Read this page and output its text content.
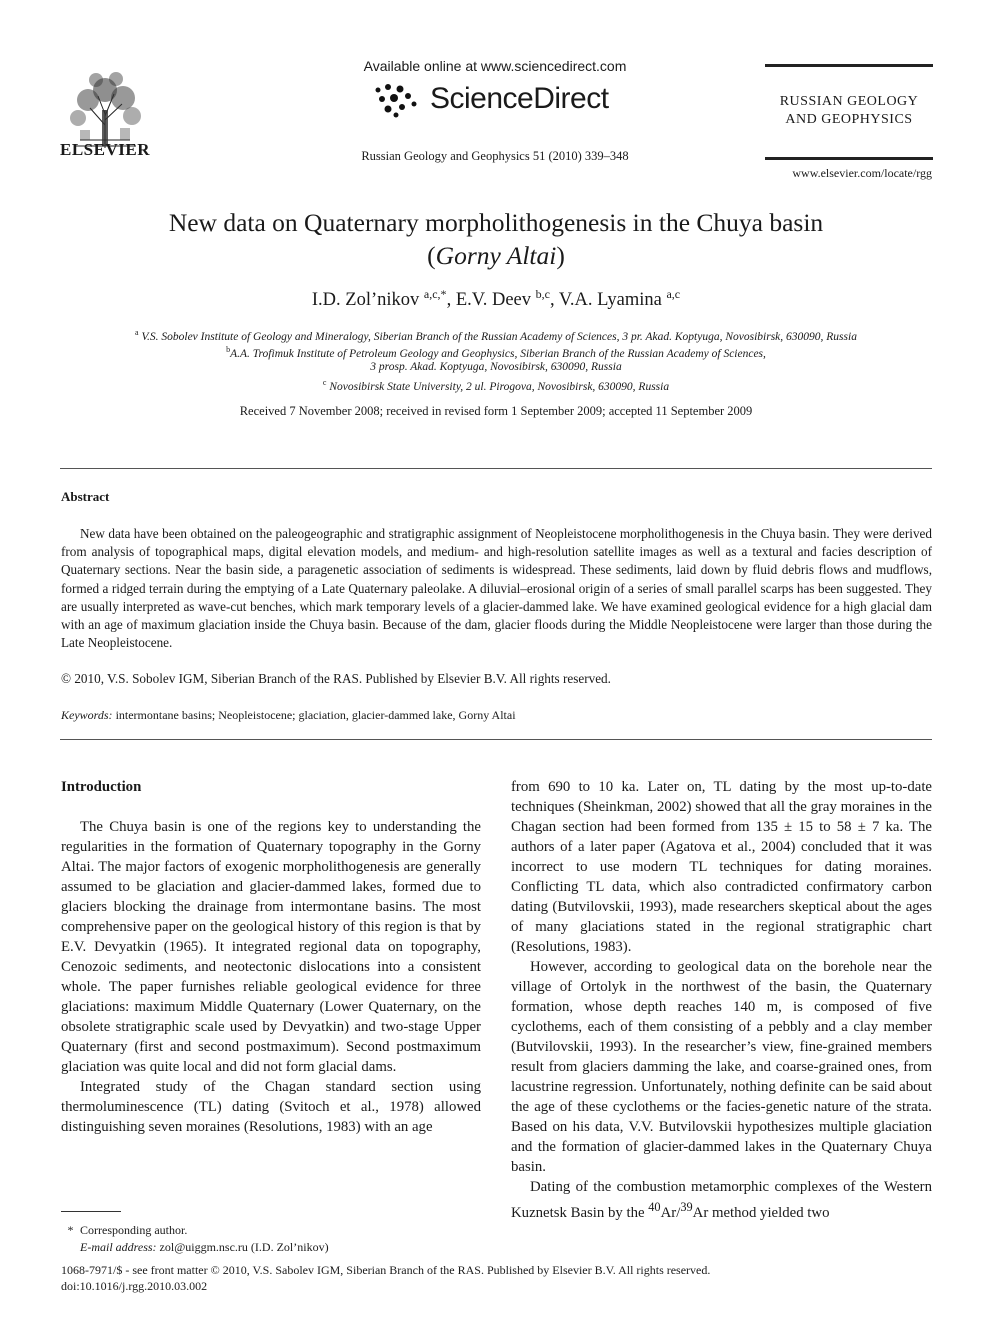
ELSEVIER
Available online at www.sciencedirect.com
ScienceDirect
Russian Geology and Geophysics 51 (2010) 339–348
RUSSIAN GEOLOGY
AND GEOPHYSICS
www.elsevier.com/locate/rgg
New data on Quaternary morpholithogenesis in the Chuya basin
(Gorny Altai)
I.D. Zol’nikov $^{a,c,*}$, E.V. Deev $^{b,c}$, V.A. Lyamina $^{a,c}$
$^a$ V.S. Sobolev Institute of Geology and Mineralogy, Siberian Branch of the Russian Academy of Sciences, 3 pr. Akad. Koptyuga, Novosibirsk, 630090, Russia
$^b$A.A. Trofimuk Institute of Petroleum Geology and Geophysics, Siberian Branch of the Russian Academy of Sciences,
3 prosp. Akad. Koptyuga, Novosibirsk, 630090, Russia
$^c$ Novosibirsk State University, 2 ul. Pirogova, Novosibirsk, 630090, Russia
Received 7 November 2008; received in revised form 1 September 2009; accepted 11 September 2009
Abstract
New data have been obtained on the paleogeographic and stratigraphic assignment of Neopleistocene morpholithogenesis in the Chuya basin. They were derived from analysis of topographical maps, digital elevation models, and medium- and high-resolution satellite images as well as a textural and facies description of Quaternary sections. Near the basin side, a paragenetic association of sediments is widespread. These sediments, laid down by fluid debris flows and mudflows, formed a ridged terrain during the emptying of a Late Quaternary paleolake. A diluvial–erosional origin of a series of small parallel scarps has been suggested. They are usually interpreted as wave-cut benches, which mark temporary levels of a glacier-dammed lake. We have examined geological evidence for a high glacial dam with an age of maximum glaciation inside the Chuya basin. Because of the dam, glacier floods during the Middle Neopleistocene were larger than those during the Late Neopleistocene.
© 2010, V.S. Sobolev IGM, Siberian Branch of the RAS. Published by Elsevier B.V. All rights reserved.
Keywords: intermontane basins; Neopleistocene; glaciation, glacier-dammed lake, Gorny Altai
Introduction

The Chuya basin is one of the regions key to understanding the regularities in the formation of Quaternary topography in the Gorny Altai. The major factors of exogenic morpholithogenesis are generally assumed to be glaciation and glacier-dammed lakes, formed due to glaciers blocking the drainage from intermontane basins. The most comprehensive paper on the geological history of this region is that by E.V. Devyatkin (1965). It integrated regional data on topography, Cenozoic sediments, and neotectonic dislocations into a consistent whole. The paper furnishes reliable geological evidence for three glaciations: maximum Middle Quaternary (Lower Quaternary, on the obsolete stratigraphic scale used by Devyatkin) and two-stage Upper Quaternary (first and second postmaximum). Second postmaximum glaciation was quite local and did not form glacial dams.

Integrated study of the Chagan standard section using thermoluminescence (TL) dating (Svitoch et al., 1978) allowed distinguishing seven moraines (Resolutions, 1983) with an age

from 690 to 10 ka. Later on, TL dating by the most up-to-date techniques (Sheinkman, 2002) showed that all the gray moraines in the Chagan section had been formed from 135 ± 15 to 58 ± 7 ka. The authors of a later paper (Agatova et al., 2004) concluded that it was incorrect to use modern TL techniques for dating moraines. Conflicting TL data, which also contradicted confirmatory carbon dating (Butvilovskii, 1993), made researchers skeptical about the ages of many glaciations stated in the regional stratigraphic chart (Resolutions, 1983).

However, according to geological data on the borehole near the village of Ortolyk in the northwest of the basin, the Quaternary formation, whose depth reaches 140 m, is composed of five cyclothems, each of them consisting of a pebbly and a clay member (Butvilovskii, 1993). In the researcher’s view, fine-grained members result from glaciers damming the lake, and coarse-grained ones, from lacustrine regression. Unfortunately, nothing definite can be said about the age of these cyclothems or the facies-genetic nature of the strata. Based on his data, V.V. Butvilovskii hypothesizes multiple glaciation and the formation of glacier-dammed lakes in the Quaternary Chuya basin.

Dating of the combustion metamorphic complexes of the Western Kuznetsk Basin by the $^{40}$Ar/$^{39}$Ar method yielded two

* Corresponding author.
E-mail address: zol@uiggm.nsc.ru (I.D. Zol’nikov)
1068-7971/$ - see front matter © 2010, V.S. Sabolev IGM, Siberian Branch of the RAS. Published by Elsevier B.V. All rights reserved.
doi:10.1016/j.rgg.2010.03.002
